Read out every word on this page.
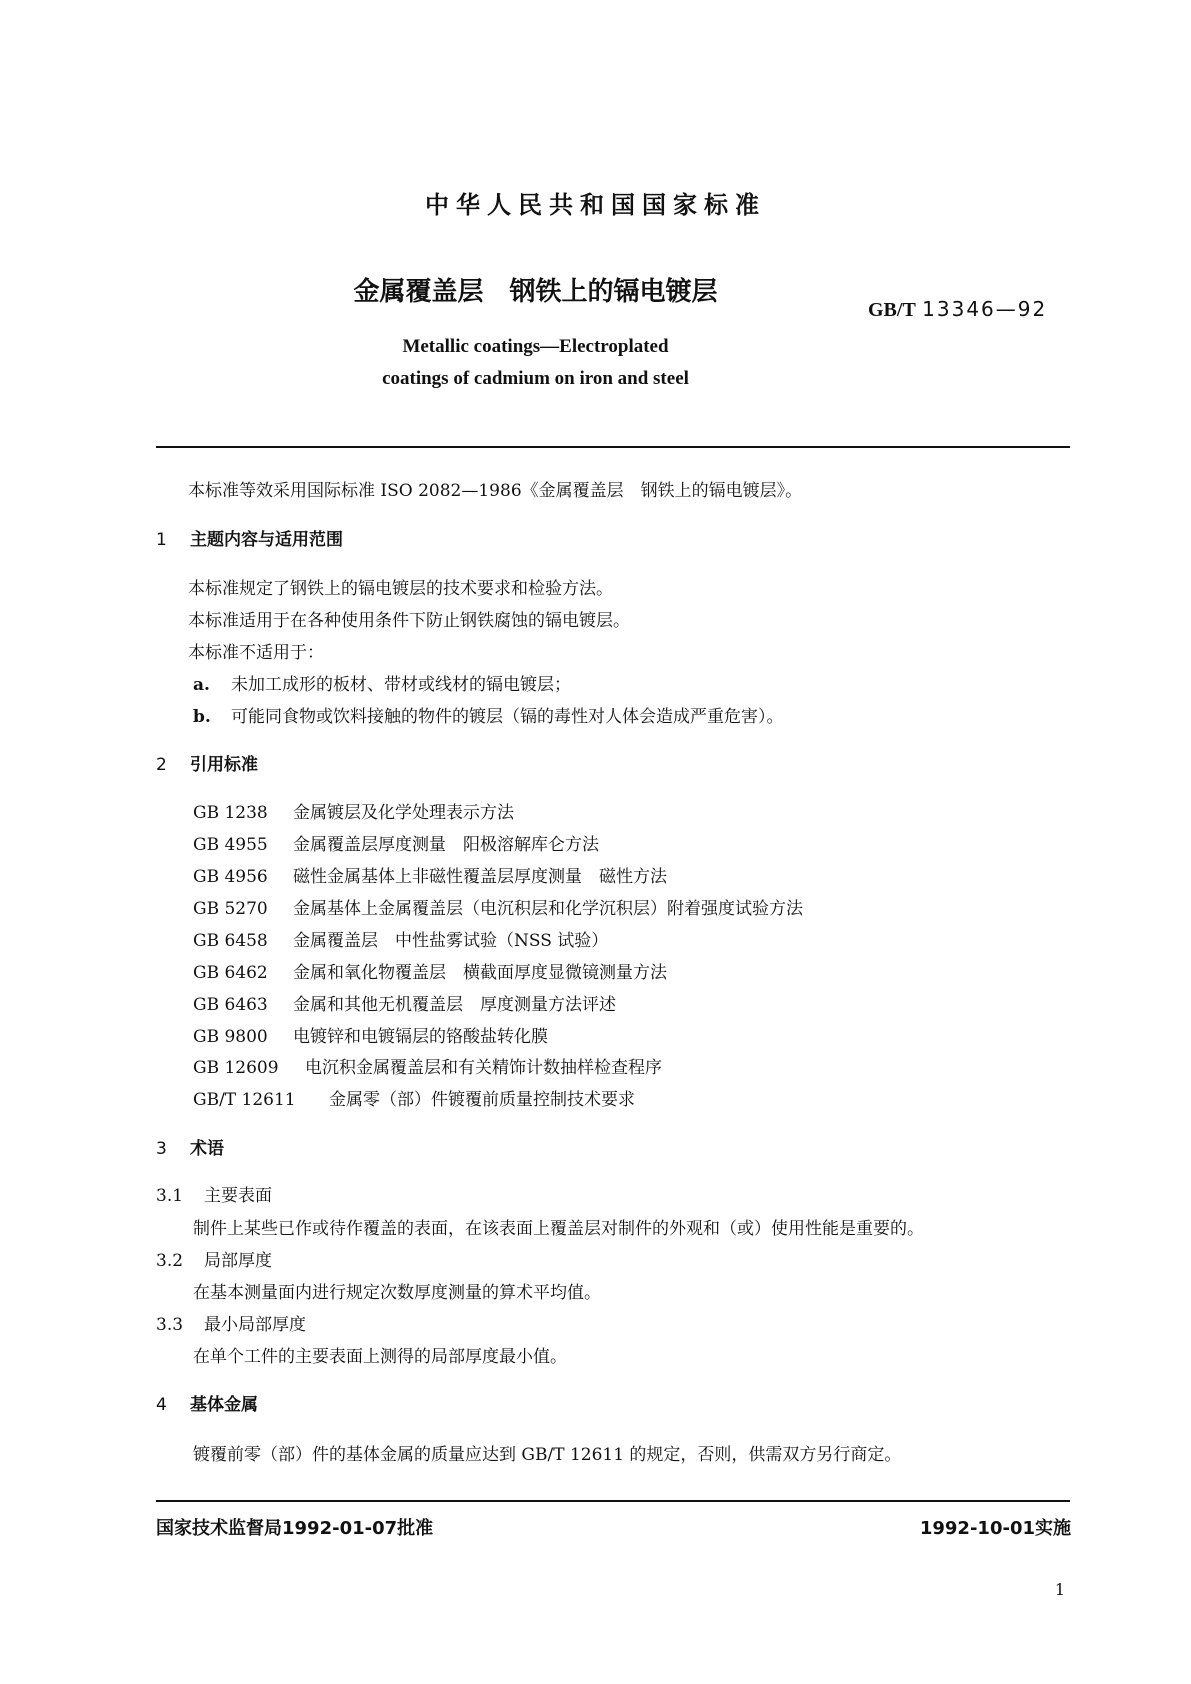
中华人民共和国国家标准
金属覆盖层　钢铁上的镉电镀层
GB/T 13346—92
Metallic coatings—Electroplated
coatings of cadmium on iron and steel
本标准等效采用国际标准 ISO 2082—1986《金属覆盖层　钢铁上的镉电镀层》。
1 主题内容与适用范围
本标准规定了钢铁上的镉电镀层的技术要求和检验方法。
本标准适用于在各种使用条件下防止钢铁腐蚀的镉电镀层。
本标准不适用于：
a. 未加工成形的板材、带材或线材的镉电镀层；
b. 可能同食物或饮料接触的物件的镀层（镉的毒性对人体会造成严重危害）。
2 引用标准
GB 1238 金属镀层及化学处理表示方法
GB 4955 金属覆盖层厚度测量　阳极溶解库仑方法
GB 4956 磁性金属基体上非磁性覆盖层厚度测量　磁性方法
GB 5270 金属基体上金属覆盖层（电沉积层和化学沉积层）附着强度试验方法
GB 6458 金属覆盖层　中性盐雾试验（NSS 试验）
GB 6462 金属和氧化物覆盖层　横截面厚度显微镜测量方法
GB 6463 金属和其他无机覆盖层　厚度测量方法评述
GB 9800 电镀锌和电镀镉层的铬酸盐转化膜
GB 12609 电沉积金属覆盖层和有关精饰计数抽样检查程序
GB/T 12611 金属零（部）件镀覆前质量控制技术要求
3 术语
3.1 主要表面
制件上某些已作或待作覆盖的表面，在该表面上覆盖层对制件的外观和（或）使用性能是重要的。
3.2 局部厚度
在基本测量面内进行规定次数厚度测量的算术平均值。
3.3 最小局部厚度
在单个工件的主要表面上测得的局部厚度最小值。
4 基体金属
镀覆前零（部）件的基体金属的质量应达到 GB/T 12611 的规定，否则，供需双方另行商定。
国家技术监督局1992-01-07批准	1992-10-01实施
1
